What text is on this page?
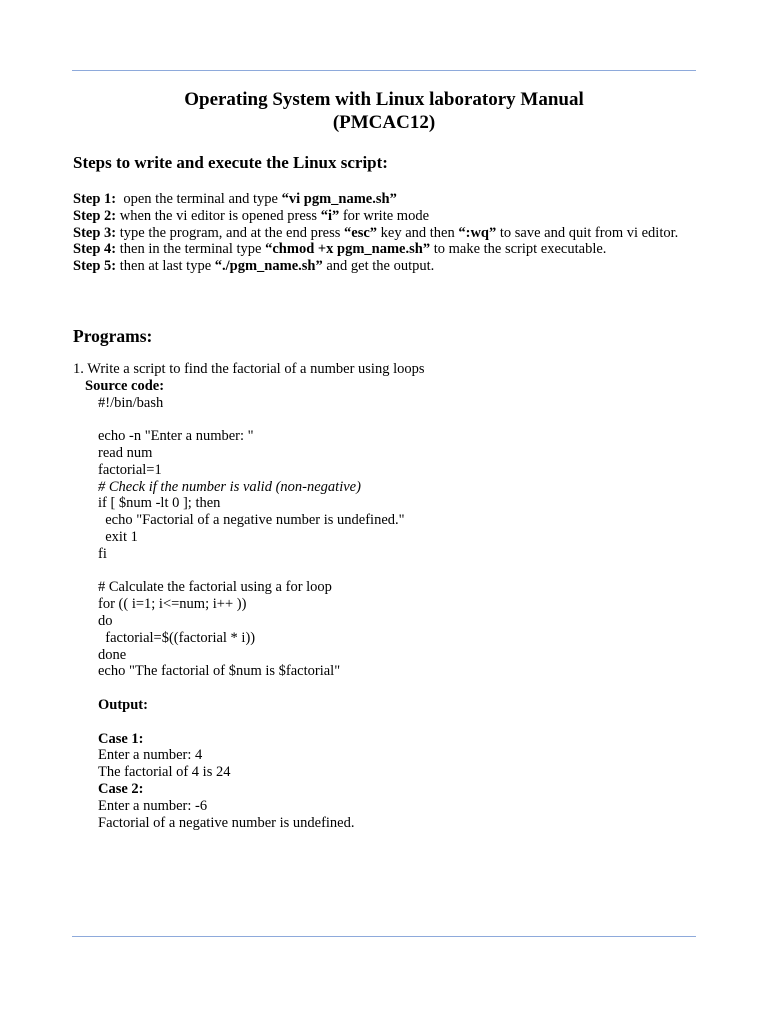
Operating System with Linux laboratory Manual
(PMCAC12)
Steps to write and execute the Linux script:
Step 1:  open the terminal and type “vi pgm_name.sh”
Step 2: when the vi editor is opened press “i” for write mode
Step 3: type the program, and at the end press “esc” key and then “:wq” to save and quit from vi editor.
Step 4: then in the terminal type “chmod +x pgm_name.sh” to make the script executable.
Step 5: then at last type “./pgm_name.sh” and get the output.
Programs:
1. Write a script to find the factorial of a number using loops
Source code:
#!/bin/bash
echo -n "Enter a number: "
read num
factorial=1
# Check if the number is valid (non-negative)
if [ $num -lt 0 ]; then
echo "Factorial of a negative number is undefined."
exit 1
fi
# Calculate the factorial using a for loop
for (( i=1; i<=num; i++ ))
do
factorial=$((factorial * i))
done
echo "The factorial of $num is $factorial"
Output:
Case 1:
Enter a number: 4
The factorial of 4 is 24
Case 2:
Enter a number: -6
Factorial of a negative number is undefined.
